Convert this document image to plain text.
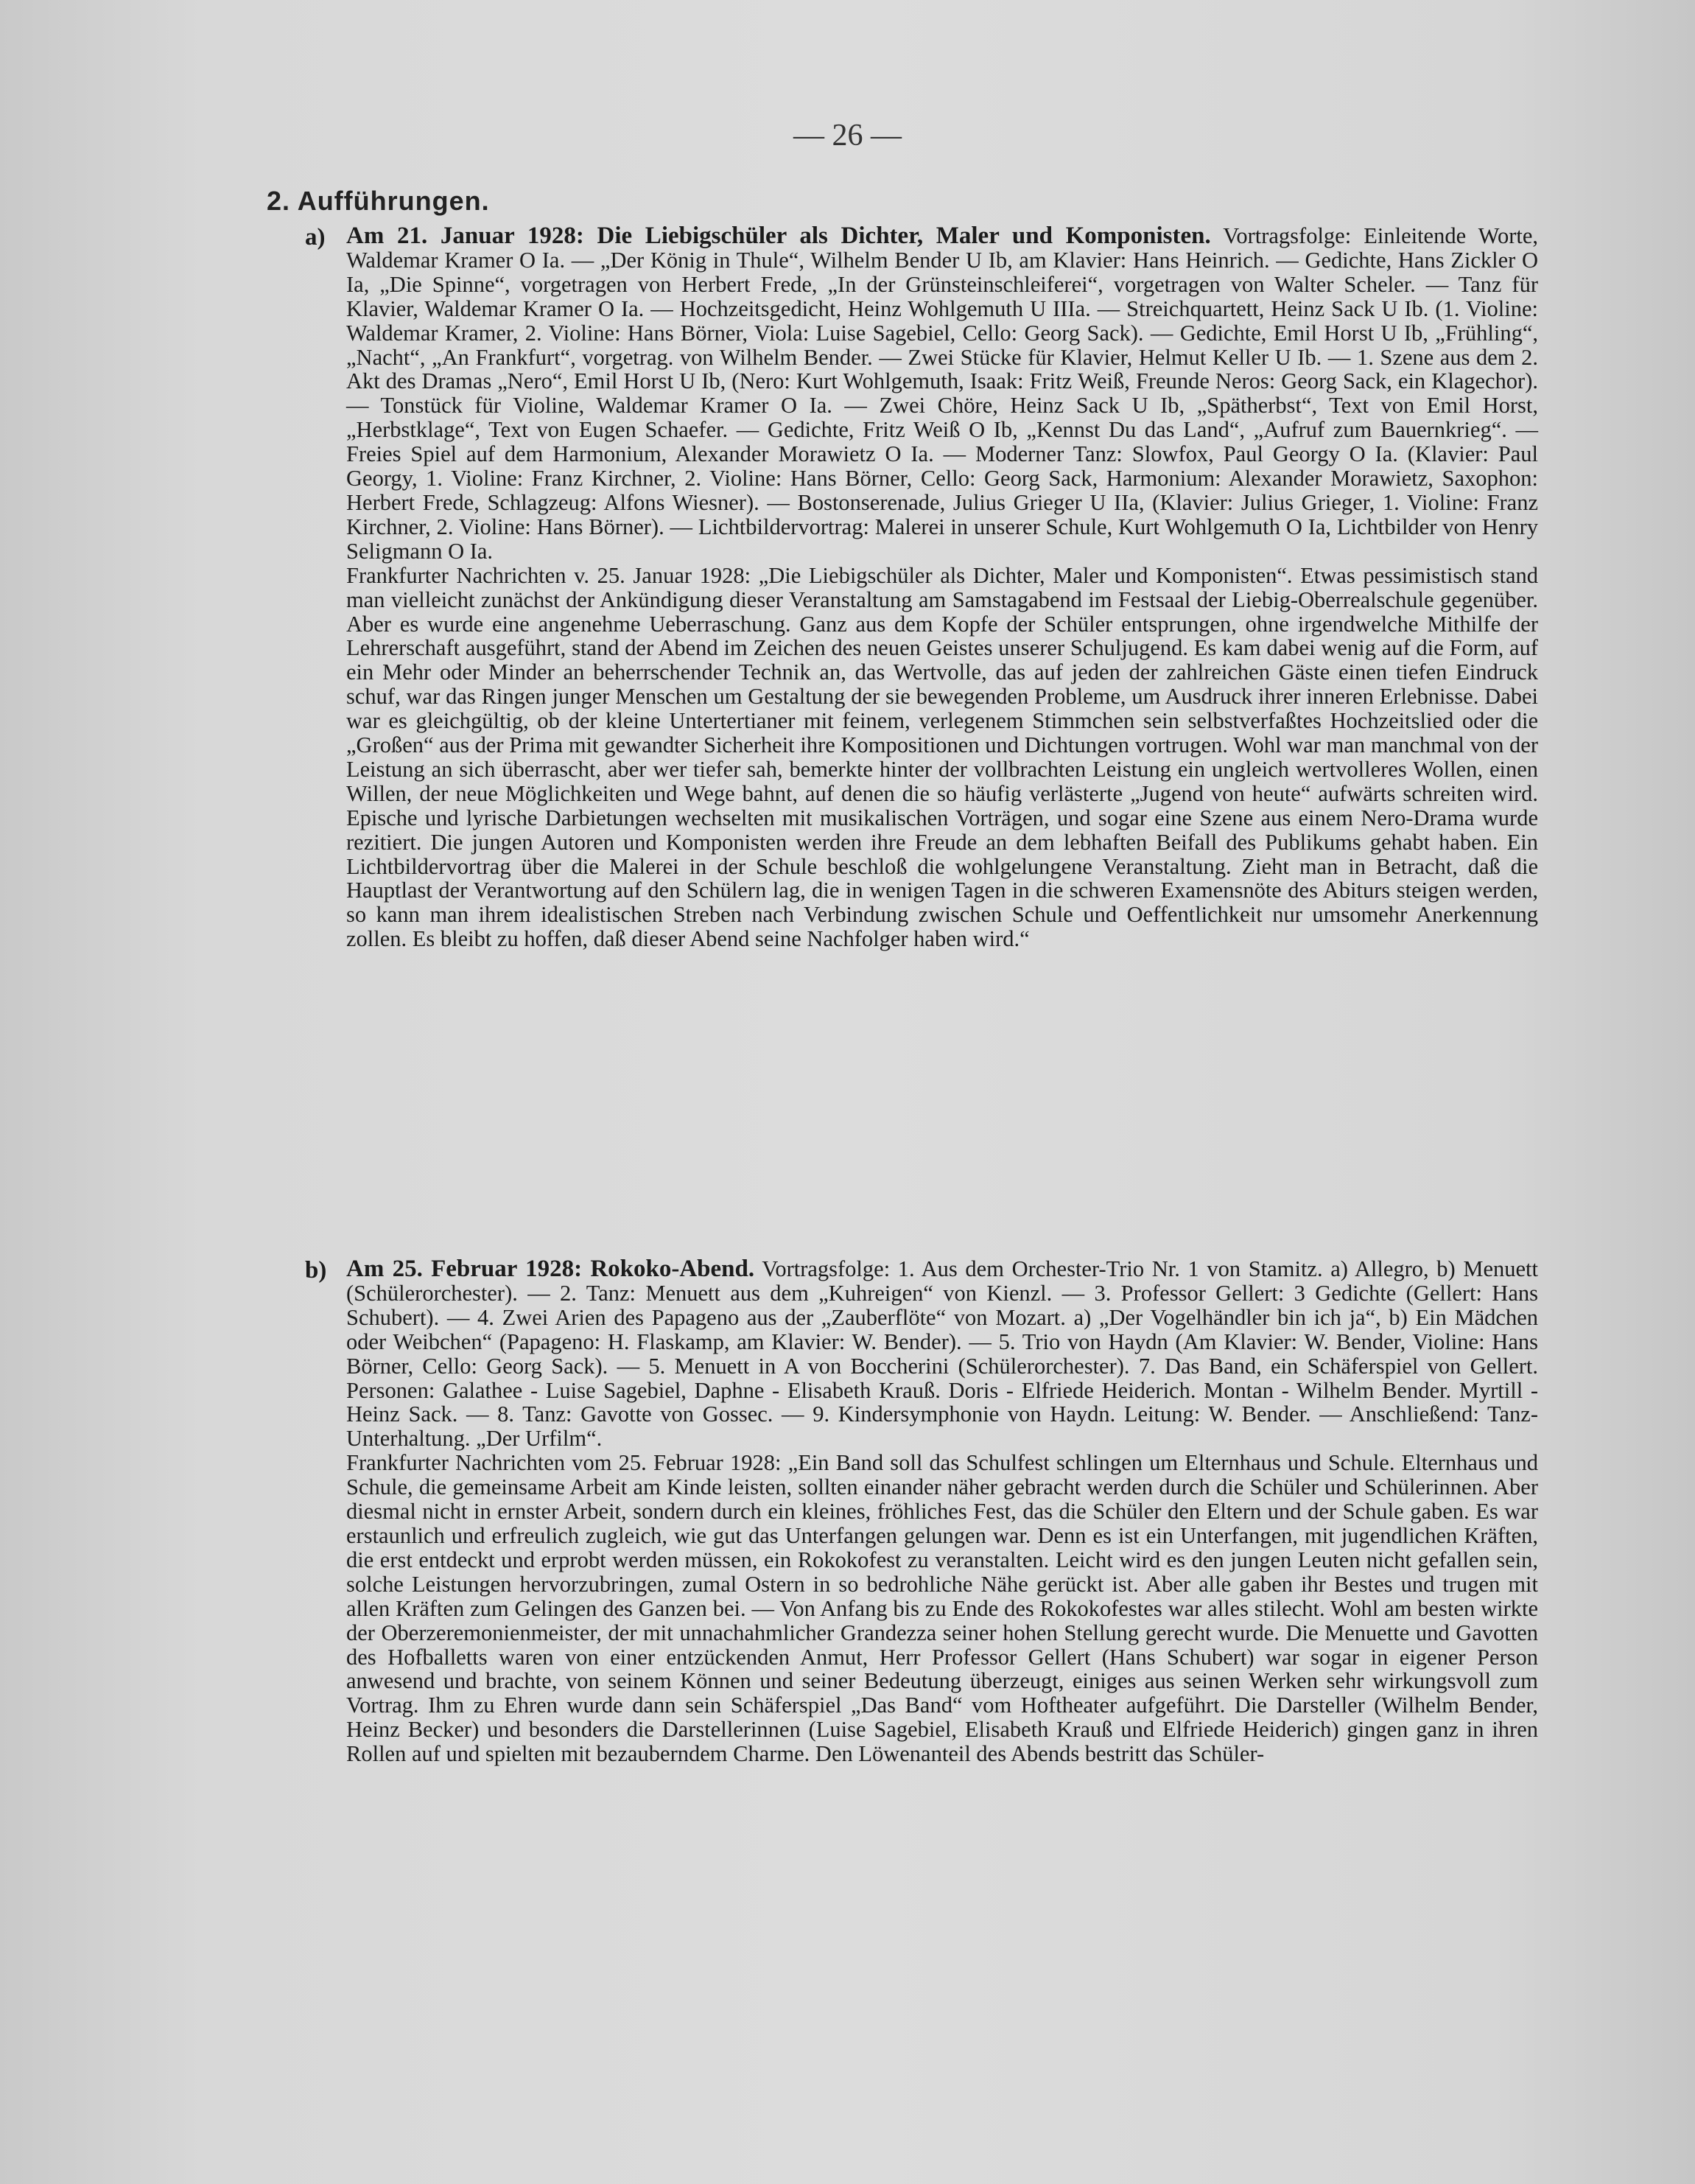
— 26 —
2. Aufführungen.
a) Am 21. Januar 1928: Die Liebigschüler als Dichter, Maler und Komponisten. Vortragsfolge: Einleitende Worte, Waldemar Kramer O Ia. — „Der König in Thule“, Wilhelm Bender U Ib, am Klavier: Hans Heinrich. — Gedichte, Hans Zickler O Ia, „Die Spinne“, vorgetragen von Herbert Frede, „In der Grünsteinschleiferei“, vorgetragen von Walter Scheler. — Tanz für Klavier, Waldemar Kramer O Ia. — Hochzeitsgedicht, Heinz Wohlgemuth U IIIa. — Streichquartett, Heinz Sack U Ib. (1. Violine: Waldemar Kramer, 2. Violine: Hans Börner, Viola: Luise Sagebiel, Cello: Georg Sack). — Gedichte, Emil Horst U Ib, „Frühling“, „Nacht“, „An Frankfurt“, vorgetrag. von Wilhelm Bender. — Zwei Stücke für Klavier, Helmut Keller U Ib. — 1. Szene aus dem 2. Akt des Dramas „Nero“, Emil Horst U Ib, (Nero: Kurt Wohlgemuth, Isaak: Fritz Weiß, Freunde Neros: Georg Sack, ein Klagechor). — Tonstück für Violine, Waldemar Kramer O Ia. — Zwei Chöre, Heinz Sack U Ib, „Spätherbst“, Text von Emil Horst, „Herbstklage“, Text von Eugen Schaefer. — Gedichte, Fritz Weiß O Ib, „Kennst Du das Land“, „Aufruf zum Bauernkrieg“. — Freies Spiel auf dem Harmonium, Alexander Morawietz O Ia. — Moderner Tanz: Slowfox, Paul Georgy O Ia. (Klavier: Paul Georgy, 1. Violine: Franz Kirchner, 2. Violine: Hans Börner, Cello: Georg Sack, Harmonium: Alexander Morawietz, Saxophon: Herbert Frede, Schlagzeug: Alfons Wiesner). — Bostonserenade, Julius Grieger U IIa, (Klavier: Julius Grieger, 1. Violine: Franz Kirchner, 2. Violine: Hans Börner). — Lichtbildervortrag: Malerei in unserer Schule, Kurt Wohlgemuth O Ia, Lichtbilder von Henry Seligmann O Ia.

Frankfurter Nachrichten v. 25. Januar 1928: „Die Liebigschüler als Dichter, Maler und Komponisten“. Etwas pessimistisch stand man vielleicht zunächst der Ankündigung dieser Veranstaltung am Samstagabend im Festsaal der Liebig-Oberrealschule gegenüber. Aber es wurde eine angenehme Ueberraschung. Ganz aus dem Kopfe der Schüler entsprungen, ohne irgendwelche Mithilfe der Lehrerschaft ausgeführt, stand der Abend im Zeichen des neuen Geistes unserer Schuljugend. Es kam dabei wenig auf die Form, auf ein Mehr oder Minder an beherrschender Technik an, das Wertvolle, das auf jeden der zahlreichen Gäste einen tiefen Eindruck schuf, war das Ringen junger Menschen um Gestaltung der sie bewegenden Probleme, um Ausdruck ihrer inneren Erlebnisse. Dabei war es gleichgültig, ob der kleine Untertertianer mit feinem, verlegenem Stimmchen sein selbstverfaßtes Hochzeitslied oder die „Großen“ aus der Prima mit gewandter Sicherheit ihre Kompositionen und Dichtungen vortrugen. Wohl war man manchmal von der Leistung an sich überrascht, aber wer tiefer sah, bemerkte hinter der vollbrachten Leistung ein ungleich wertvolleres Wollen, einen Willen, der neue Möglichkeiten und Wege bahnt, auf denen die so häufig verlästerte „Jugend von heute“ aufwärts schreiten wird. Epische und lyrische Darbietungen wechselten mit musikalischen Vorträgen, und sogar eine Szene aus einem Nero-Drama wurde rezitiert. Die jungen Autoren und Komponisten werden ihre Freude an dem lebhaften Beifall des Publikums gehabt haben. Ein Lichtbildervortrag über die Malerei in der Schule beschloß die wohlgelungene Veranstaltung. Zieht man in Betracht, daß die Hauptlast der Verantwortung auf den Schülern lag, die in wenigen Tagen in die schweren Examensnöte des Abiturs steigen werden, so kann man ihrem idealistischen Streben nach Verbindung zwischen Schule und Oeffentlichkeit nur umsomehr Anerkennung zollen. Es bleibt zu hoffen, daß dieser Abend seine Nachfolger haben wird.“

b) Am 25. Februar 1928: Rokoko-Abend. Vortragsfolge: 1. Aus dem Orchester-Trio Nr. 1 von Stamitz. a) Allegro, b) Menuett (Schülerorchester). — 2. Tanz: Menuett aus dem „Kuhreigen“ von Kienzl. — 3. Professor Gellert: 3 Gedichte (Gellert: Hans Schubert). — 4. Zwei Arien des Papageno aus der „Zauberflöte“ von Mozart. a) „Der Vogelhändler bin ich ja“, b) Ein Mädchen oder Weibchen“ (Papageno: H. Flaskamp, am Klavier: W. Bender). — 5. Trio von Haydn (Am Klavier: W. Bender, Violine: Hans Börner, Cello: Georg Sack). — 5. Menuett in A von Boccherini (Schülerorchester). 7. Das Band, ein Schäferspiel von Gellert. Personen: Galathee - Luise Sagebiel, Daphne - Elisabeth Krauß. Doris - Elfriede Heiderich. Montan - Wilhelm Bender. Myrtill - Heinz Sack. — 8. Tanz: Gavotte von Gossec. — 9. Kindersymphonie von Haydn. Leitung: W. Bender. — Anschließend: Tanz-Unterhaltung. „Der Urfilm“.

Frankfurter Nachrichten vom 25. Februar 1928: „Ein Band soll das Schulfest schlingen um Elternhaus und Schule. Elternhaus und Schule, die gemeinsame Arbeit am Kinde leisten, sollten einander näher gebracht werden durch die Schüler und Schülerinnen. Aber diesmal nicht in ernster Arbeit, sondern durch ein kleines, fröhliches Fest, das die Schüler den Eltern und der Schule gaben. Es war erstaunlich und erfreulich zugleich, wie gut das Unterfangen gelungen war. Denn es ist ein Unterfangen, mit jugendlichen Kräften, die erst entdeckt und erprobt werden müssen, ein Rokokofest zu veranstalten. Leicht wird es den jungen Leuten nicht gefallen sein, solche Leistungen hervorzubringen, zumal Ostern in so bedrohliche Nähe gerückt ist. Aber alle gaben ihr Bestes und trugen mit allen Kräften zum Gelingen des Ganzen bei. — Von Anfang bis zu Ende des Rokokofestes war alles stilecht. Wohl am besten wirkte der Oberzeremonienmeister, der mit unnachahmlicher Grandezza seiner hohen Stellung gerecht wurde. Die Menuette und Gavotten des Hofballetts waren von einer entzückenden Anmut, Herr Professor Gellert (Hans Schubert) war sogar in eigener Person anwesend und brachte, von seinem Können und seiner Bedeutung überzeugt, einiges aus seinen Werken sehr wirkungsvoll zum Vortrag. Ihm zu Ehren wurde dann sein Schäferspiel „Das Band“ vom Hoftheater aufgeführt. Die Darsteller (Wilhelm Bender, Heinz Becker) und besonders die Darstellerinnen (Luise Sagebiel, Elisabeth Krauß und Elfriede Heiderich) gingen ganz in ihren Rollen auf und spielten mit bezauberndem Charme. Den Löwenanteil des Abends bestritt das Schüler-
